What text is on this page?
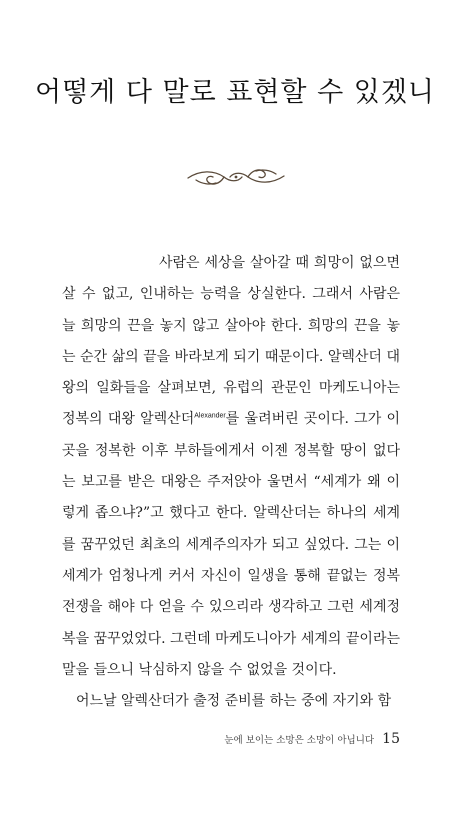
어떻게 다 말로 표현할 수 있겠니

사람은 세상을 살아갈 때 희망이 없으면 살 수 없고, 인내하는 능력을 상실한다. 그래서 사람은 늘 희망의 끈을 놓지 않고 살아야 한다. 희망의 끈을 놓는 순간 삶의 끝을 바라보게 되기 때문이다. 알렉산더 대왕의 일화들을 살펴보면, 유럽의 관문인 마케도니아는 정복의 대왕 알렉산더$^{Alexander}$를 울려버린 곳이다. 그가 이곳을 정복한 이후 부하들에게서 이젠 정복할 땅이 없다는 보고를 받은 대왕은 주저앉아 울면서 “세계가 왜 이렇게 좁으냐?”고 했다고 한다. 알렉산더는 하나의 세계를 꿈꾸었던 최초의 세계주의자가 되고 싶었다. 그는 이 세계가 엄청나게 커서 자신이 일생을 통해 끝없는 정복 전쟁을 해야 다 얻을 수 있으리라 생각하고 그런 세계정복을 꿈꾸었었다. 그런데 마케도니아가 세계의 끝이라는 말을 들으니 낙심하지 않을 수 없었을 것이다.

어느날 알렉산더가 출정 준비를 하는 중에 자기와 함

눈에 보이는 소망은 소망이 아닙니다 15
